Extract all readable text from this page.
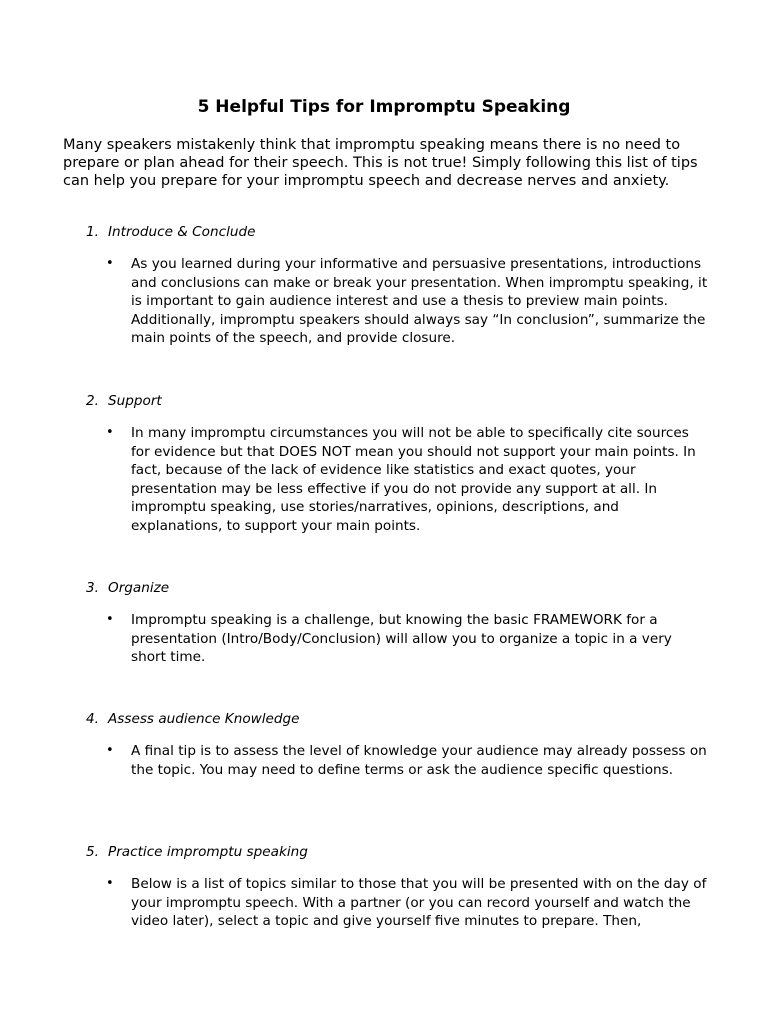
5 Helpful Tips for Impromptu Speaking
Many speakers mistakenly think that impromptu speaking means there is no need to prepare or plan ahead for their speech. This is not true! Simply following this list of tips can help you prepare for your impromptu speech and decrease nerves and anxiety.
1. Introduce & Conclude
•	As you learned during your informative and persuasive presentations, introductions and conclusions can make or break your presentation. When impromptu speaking, it is important to gain audience interest and use a thesis to preview main points. Additionally, impromptu speakers should always say “In conclusion”, summarize the main points of the speech, and provide closure.
2. Support
•	In many impromptu circumstances you will not be able to specifically cite sources for evidence but that DOES NOT mean you should not support your main points. In fact, because of the lack of evidence like statistics and exact quotes, your presentation may be less effective if you do not provide any support at all. In impromptu speaking, use stories/narratives, opinions, descriptions, and explanations, to support your main points.
3. Organize
•	Impromptu speaking is a challenge, but knowing the basic FRAMEWORK for a presentation (Intro/Body/Conclusion) will allow you to organize a topic in a very short time.
4. Assess audience Knowledge
•	A final tip is to assess the level of knowledge your audience may already possess on the topic. You may need to define terms or ask the audience specific questions.
5. Practice impromptu speaking
•	Below is a list of topics similar to those that you will be presented with on the day of your impromptu speech. With a partner (or you can record yourself and watch the video later), select a topic and give yourself five minutes to prepare. Then,
